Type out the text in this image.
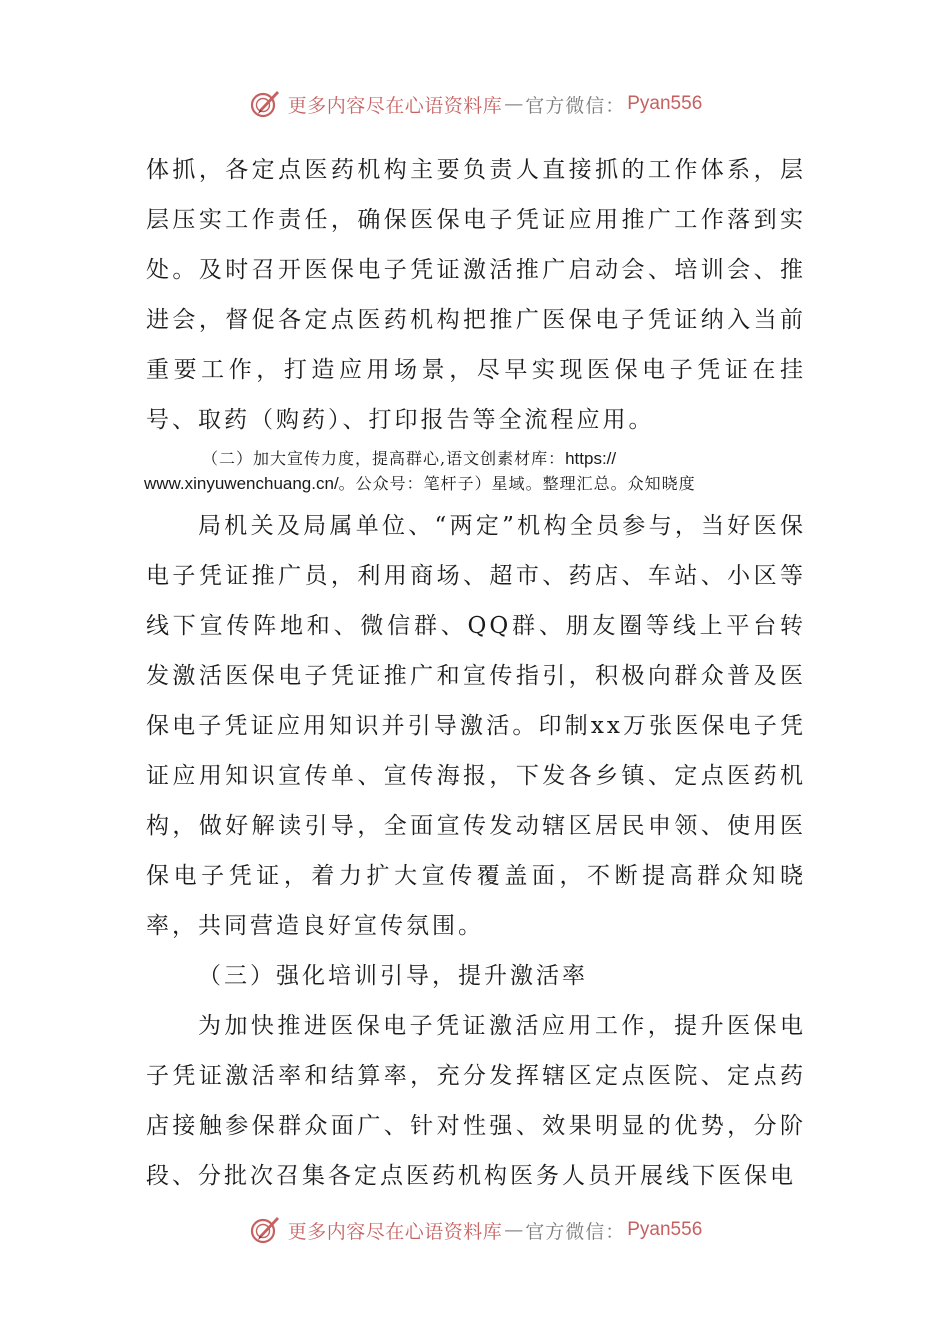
更多内容尽在心语资料库 — 官方微信： Pyan556

体抓，各定点医药机构主要负责人直接抓的工作体系，层层压实工作责任，确保医保电子凭证应用推广工作落到实处。及时召开医保电子凭证激活推广启动会、培训会、推进会，督促各定点医药机构把推广医保电子凭证纳入当前重要工作，打造应用场景，尽早实现医保电子凭证在挂号、取药（购药）、打印报告等全流程应用。

（二）加大宣传力度，提高群心,语文创素材库：https://
www.xinyuwenchuang.cn/。公众号：笔杆子）星域。整理汇总。众知晓度

局机关及局属单位、“两定”机构全员参与，当好医保电子凭证推广员，利用商场、超市、药店、车站、小区等线下宣传阵地和、微信群、QQ群、朋友圈等线上平台转发激活医保电子凭证推广和宣传指引，积极向群众普及医保电子凭证应用知识并引导激活。印制xx万张医保电子凭证应用知识宣传单、宣传海报，下发各乡镇、定点医药机构，做好解读引导，全面宣传发动辖区居民申领、使用医保电子凭证，着力扩大宣传覆盖面，不断提高群众知晓率，共同营造良好宣传氛围。

（三）强化培训引导，提升激活率

为加快推进医保电子凭证激活应用工作，提升医保电子凭证激活率和结算率，充分发挥辖区定点医院、定点药店接触参保群众面广、针对性强、效果明显的优势，分阶段、分批次召集各定点医药机构医务人员开展线下医保电

更多内容尽在心语资料库 — 官方微信： Pyan556
